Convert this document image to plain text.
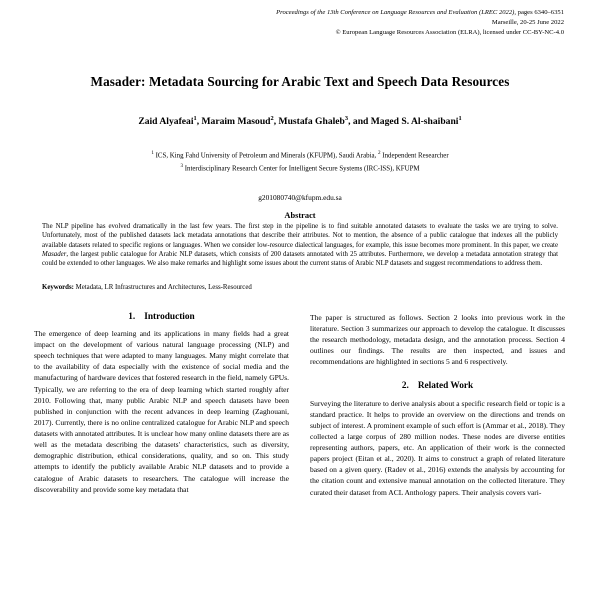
Proceedings of the 13th Conference on Language Resources and Evaluation (LREC 2022), pages 6340–6351
Marseille, 20-25 June 2022
© European Language Resources Association (ELRA), licensed under CC-BY-NC-4.0
Masader: Metadata Sourcing for Arabic Text and Speech Data Resources
Zaid Alyafeai$^1$, Maraim Masoud$^2$, Mustafa Ghaleb$^3$, and Maged S. Al-shaibani$^1$
$^1$ ICS, King Fahd University of Petroleum and Minerals (KFUPM), Saudi Arabia, $^2$ Independent Researcher
$^3$ Interdisciplinary Research Center for Intelligent Secure Systems (IRC-ISS), KFUPM
g201080740@kfupm.edu.sa
Abstract
The NLP pipeline has evolved dramatically in the last few years. The first step in the pipeline is to find suitable annotated datasets to evaluate the tasks we are trying to solve. Unfortunately, most of the published datasets lack metadata annotations that describe their attributes. Not to mention, the absence of a public catalogue that indexes all the publicly available datasets related to specific regions or languages. When we consider low-resource dialectical languages, for example, this issue becomes more prominent. In this paper, we create Masader, the largest public catalogue for Arabic NLP datasets, which consists of 200 datasets annotated with 25 attributes. Furthermore, we develop a metadata annotation strategy that could be extended to other languages. We also make remarks and highlight some issues about the current status of Arabic NLP datasets and suggest recommendations to address them.
Keywords: Metadata, LR Infrastructures and Architectures, Less-Resourced
1. Introduction

The emergence of deep learning and its applications in many fields had a great impact on the development of various natural language processing (NLP) and speech techniques that were adapted to many languages. Many might correlate that to the availability of data especially with the existence of social media and the manufacturing of hardware devices that fostered research in the field, namely GPUs. Typically, we are referring to the era of deep learning which started roughly after 2010. Following that, many public Arabic NLP and speech datasets have been published in conjunction with the recent advances in deep learning (Zaghouani, 2017). Currently, there is no online centralized catalogue for Arabic NLP and speech datasets with annotated attributes. It is unclear how many online datasets there are as well as the metadata describing the datasets' characteristics, such as diversity, demographic distribution, ethical considerations, quality, and so on. This study attempts to identify the publicly available Arabic NLP datasets and to provide a catalogue of Arabic datasets to researchers. The catalogue will increase the discoverability and provide some key metadata that

The paper is structured as follows. Section 2 looks into previous work in the literature. Section 3 summarizes our approach to develop the catalogue. It discusses the research methodology, metadata design, and the annotation process. Section 4 outlines our findings. The results are then inspected, and issues and recommendations are highlighted in sections 5 and 6 respectively.

2. Related Work

Surveying the literature to derive analysis about a specific research field or topic is a standard practice. It helps to provide an overview on the directions and trends on subject of interest. A prominent example of such effort is (Ammar et al., 2018). They collected a large corpus of 280 million nodes. These nodes are diverse entities representing authors, papers, etc. An application of their work is the connected papers project (Eitan et al., 2020). It aims to construct a graph of related literature based on a given query. (Radev et al., 2016) extends the analysis by accounting for the citation count and extensive manual annotation on the collected literature. They curated their dataset from ACL Anthology papers. Their analysis covers vari-
